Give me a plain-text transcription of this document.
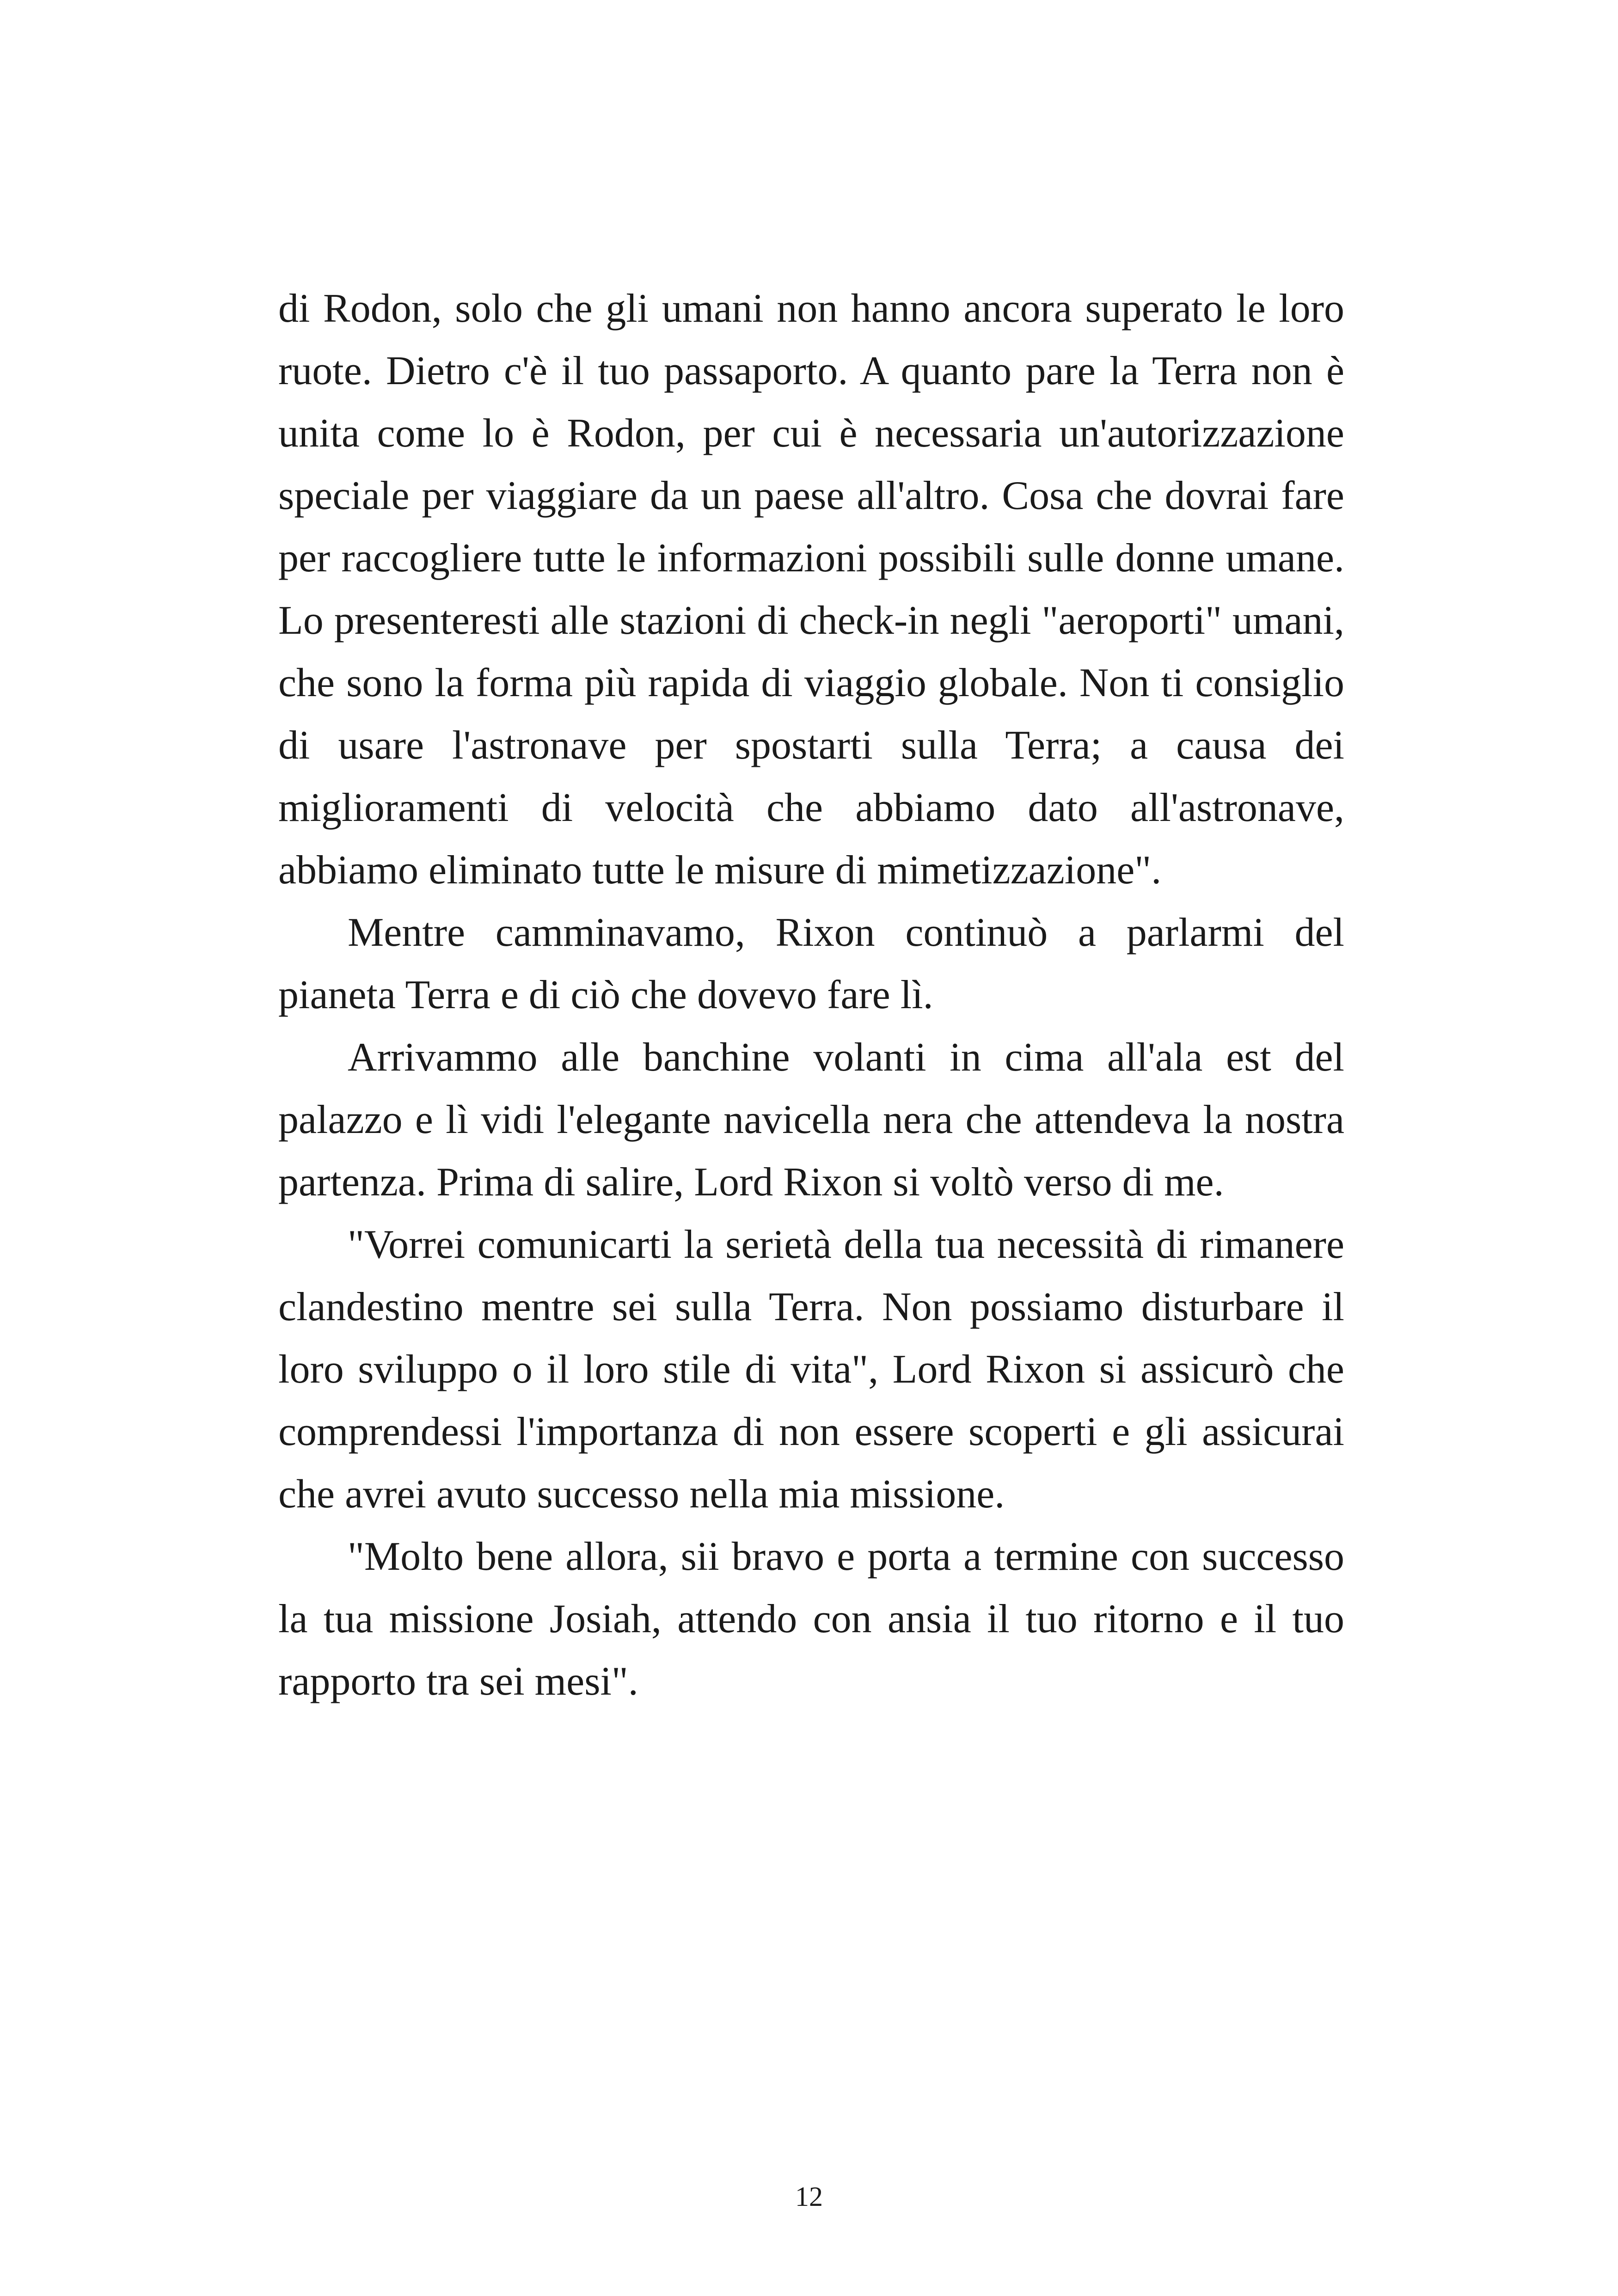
di Rodon, solo che gli umani non hanno ancora superato le loro ruote. Dietro c'è il tuo passaporto. A quanto pare la Terra non è unita come lo è Rodon, per cui è necessaria un'autorizzazione speciale per viaggiare da un paese all'altro. Cosa che dovrai fare per raccogliere tutte le informazioni possibili sulle donne umane. Lo presenteresti alle stazioni di check-in negli "aeroporti" umani, che sono la forma più rapida di viaggio globale. Non ti consiglio di usare l'astronave per spostarti sulla Terra; a causa dei miglioramenti di velocità che abbiamo dato all'astronave, abbiamo eliminato tutte le misure di mimetizzazione".

Mentre camminavamo, Rixon continuò a parlarmi del pianeta Terra e di ciò che dovevo fare lì.

Arrivammo alle banchine volanti in cima all'ala est del palazzo e lì vidi l'elegante navicella nera che attendeva la nostra partenza. Prima di salire, Lord Rixon si voltò verso di me.

"Vorrei comunicarti la serietà della tua necessità di rimanere clandestino mentre sei sulla Terra. Non possiamo disturbare il loro sviluppo o il loro stile di vita", Lord Rixon si assicurò che comprendessi l'importanza di non essere scoperti e gli assicurai che avrei avuto successo nella mia missione.

"Molto bene allora, sii bravo e porta a termine con successo la tua missione Josiah, attendo con ansia il tuo ritorno e il tuo rapporto tra sei mesi".

12
